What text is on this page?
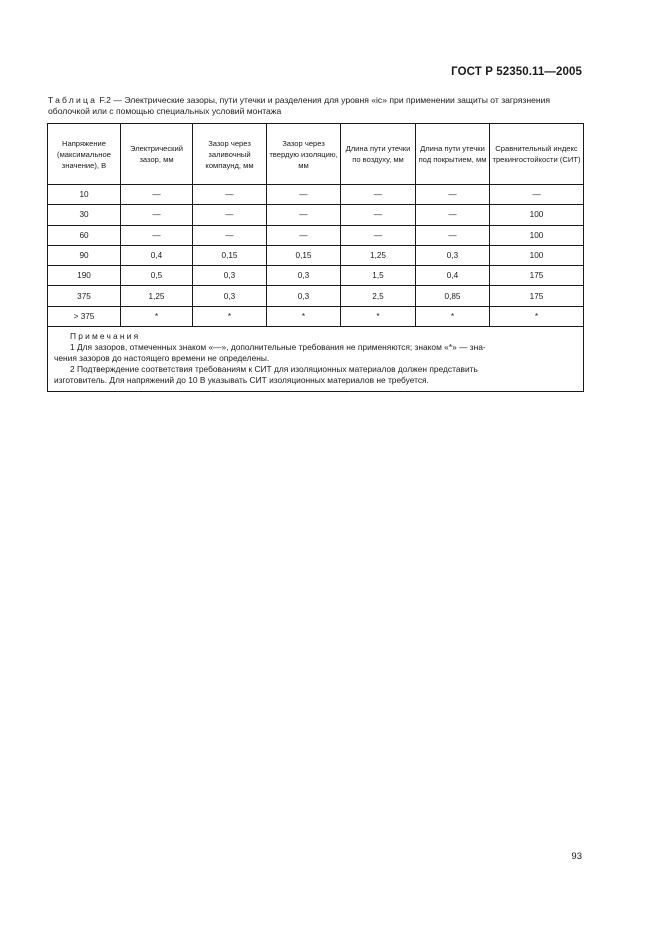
ГОСТ Р 52350.11—2005
Таблица F.2 — Электрические зазоры, пути утечки и разделения для уровня «ic» при применении защиты от загрязнения оболочкой или с помощью специальных условий монтажа
Напряжение (максимальное значение), В	Электрический зазор, мм	Зазор через заливочный компаунд, мм	Зазор через твердую изоляцию, мм	Длина пути утечки по воздуху, мм	Длина пути утечки под покрытием, мм	Сравнительный индекс трекингостойкости (СИТ)
10	—	—	—	—	—	—
30	—	—	—	—	—	100
60	—	—	—	—	—	100
90	0,4	0,15	0,15	1,25	0,3	100
190	0,5	0,3	0,3	1,5	0,4	175
375	1,25	0,3	0,3	2,5	0,85	175
> 375	*	*	*	*	*	*

Примечания
1 Для зазоров, отмеченных знаком «—», дополнительные требования не применяются; знаком «*» — зна-
чения зазоров до настоящего времени не определены.
2 Подтверждение соответствия требованиям к СИТ для изоляционных материалов должен представить
изготовитель. Для напряжений до 10 В указывать СИТ изоляционных материалов не требуется.						
93
